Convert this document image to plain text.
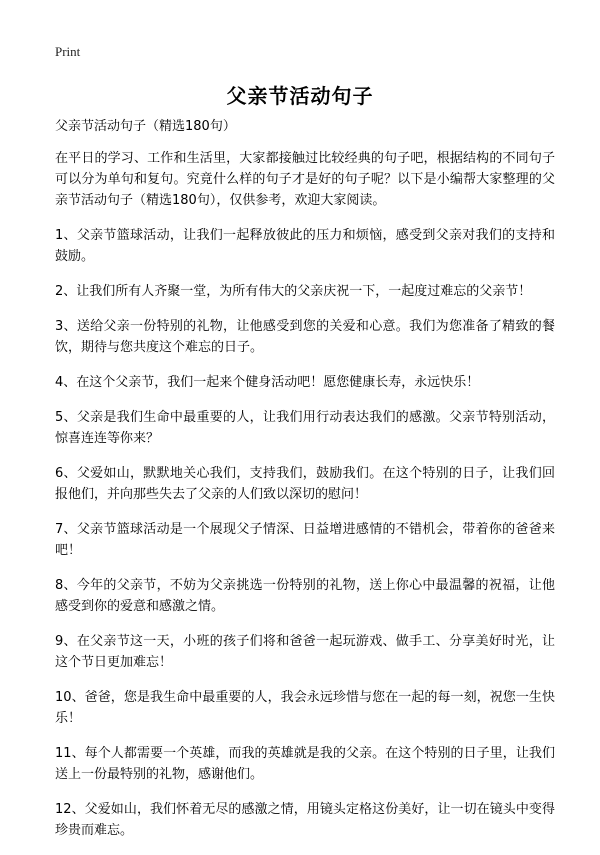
Print
父亲节活动句子

父亲节活动句子（精选180句）

在平日的学习、工作和生活里，大家都接触过比较经典的句子吧，根据结构的不同句子可以分为单句和复句。究竟什么样的句子才是好的句子呢？以下是小编帮大家整理的父亲节活动句子（精选180句），仅供参考，欢迎大家阅读。

1、父亲节篮球活动，让我们一起释放彼此的压力和烦恼，感受到父亲对我们的支持和鼓励。

2、让我们所有人齐聚一堂，为所有伟大的父亲庆祝一下，一起度过难忘的父亲节！

3、送给父亲一份特别的礼物，让他感受到您的关爱和心意。我们为您准备了精致的餐饮，期待与您共度这个难忘的日子。

4、在这个父亲节，我们一起来个健身活动吧！愿您健康长寿，永远快乐！

5、父亲是我们生命中最重要的人，让我们用行动表达我们的感激。父亲节特别活动，惊喜连连等你来？

6、父爱如山，默默地关心我们，支持我们，鼓励我们。在这个特别的日子，让我们回报他们，并向那些失去了父亲的人们致以深切的慰问！

7、父亲节篮球活动是一个展现父子情深、日益增进感情的不错机会，带着你的爸爸来吧！

8、今年的父亲节，不妨为父亲挑选一份特别的礼物，送上你心中最温馨的祝福，让他感受到你的爱意和感激之情。

9、在父亲节这一天，小班的孩子们将和爸爸一起玩游戏、做手工、分享美好时光，让这个节日更加难忘！

10、爸爸，您是我生命中最重要的人，我会永远珍惜与您在一起的每一刻，祝您一生快乐！

11、每个人都需要一个英雄，而我的英雄就是我的父亲。在这个特别的日子里，让我们送上一份最特别的礼物，感谢他们。

12、父爱如山，我们怀着无尽的感激之情，用镜头定格这份美好，让一切在镜头中变得珍贵而难忘。
